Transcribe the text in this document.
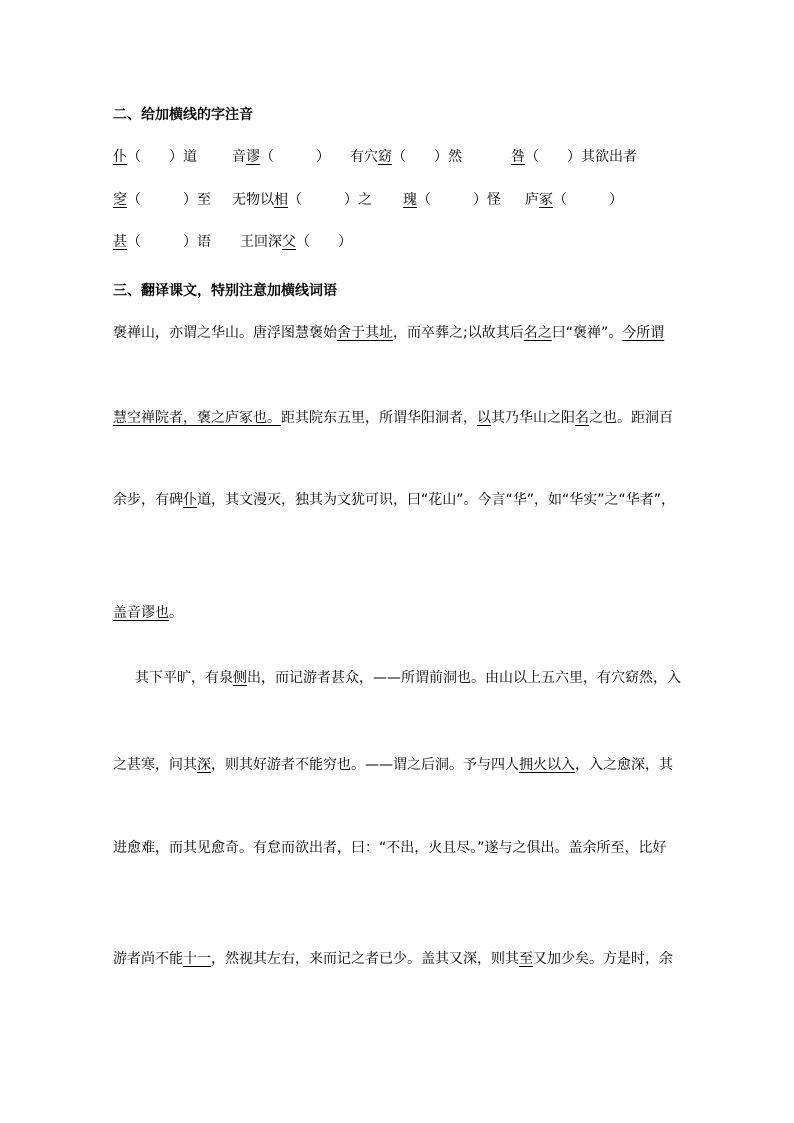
二、给加横线的字注音
仆（　　）道	音谬（　　　） 有穴窈（　　）然	咎（　　）其欲出者
窆（　　　）至 无物以相（　　　）之 瑰（　　　）怪 庐冢（　　　）
甚（　　　）语 王回深父（　　）
三、翻译课文，特别注意加横线词语
褒禅山，亦谓之华山。唐浮图慧褒始舍于其址，而卒葬之;以故其后名之曰“褒禅”。今所谓
慧空禅院者，褒之庐冢也。距其院东五里，所谓华阳洞者，以其乃华山之阳名之也。距洞百
余步，有碑仆道，其文漫灭，独其为文犹可识，曰“花山”。今言“华”，如“华实”之“华者”，
盖音谬也。
其下平旷，有泉侧出，而记游者甚众，——所谓前洞也。由山以上五六里，有穴窈然，入
之甚寒，问其深，则其好游者不能穷也。——谓之后洞。予与四人拥火以入，入之愈深，其
进愈难，而其见愈奇。有怠而欲出者，曰：“不出，火且尽。”遂与之俱出。盖余所至，比好
游者尚不能十一，然视其左右，来而记之者已少。盖其又深，则其至又加少矣。方是时，余
